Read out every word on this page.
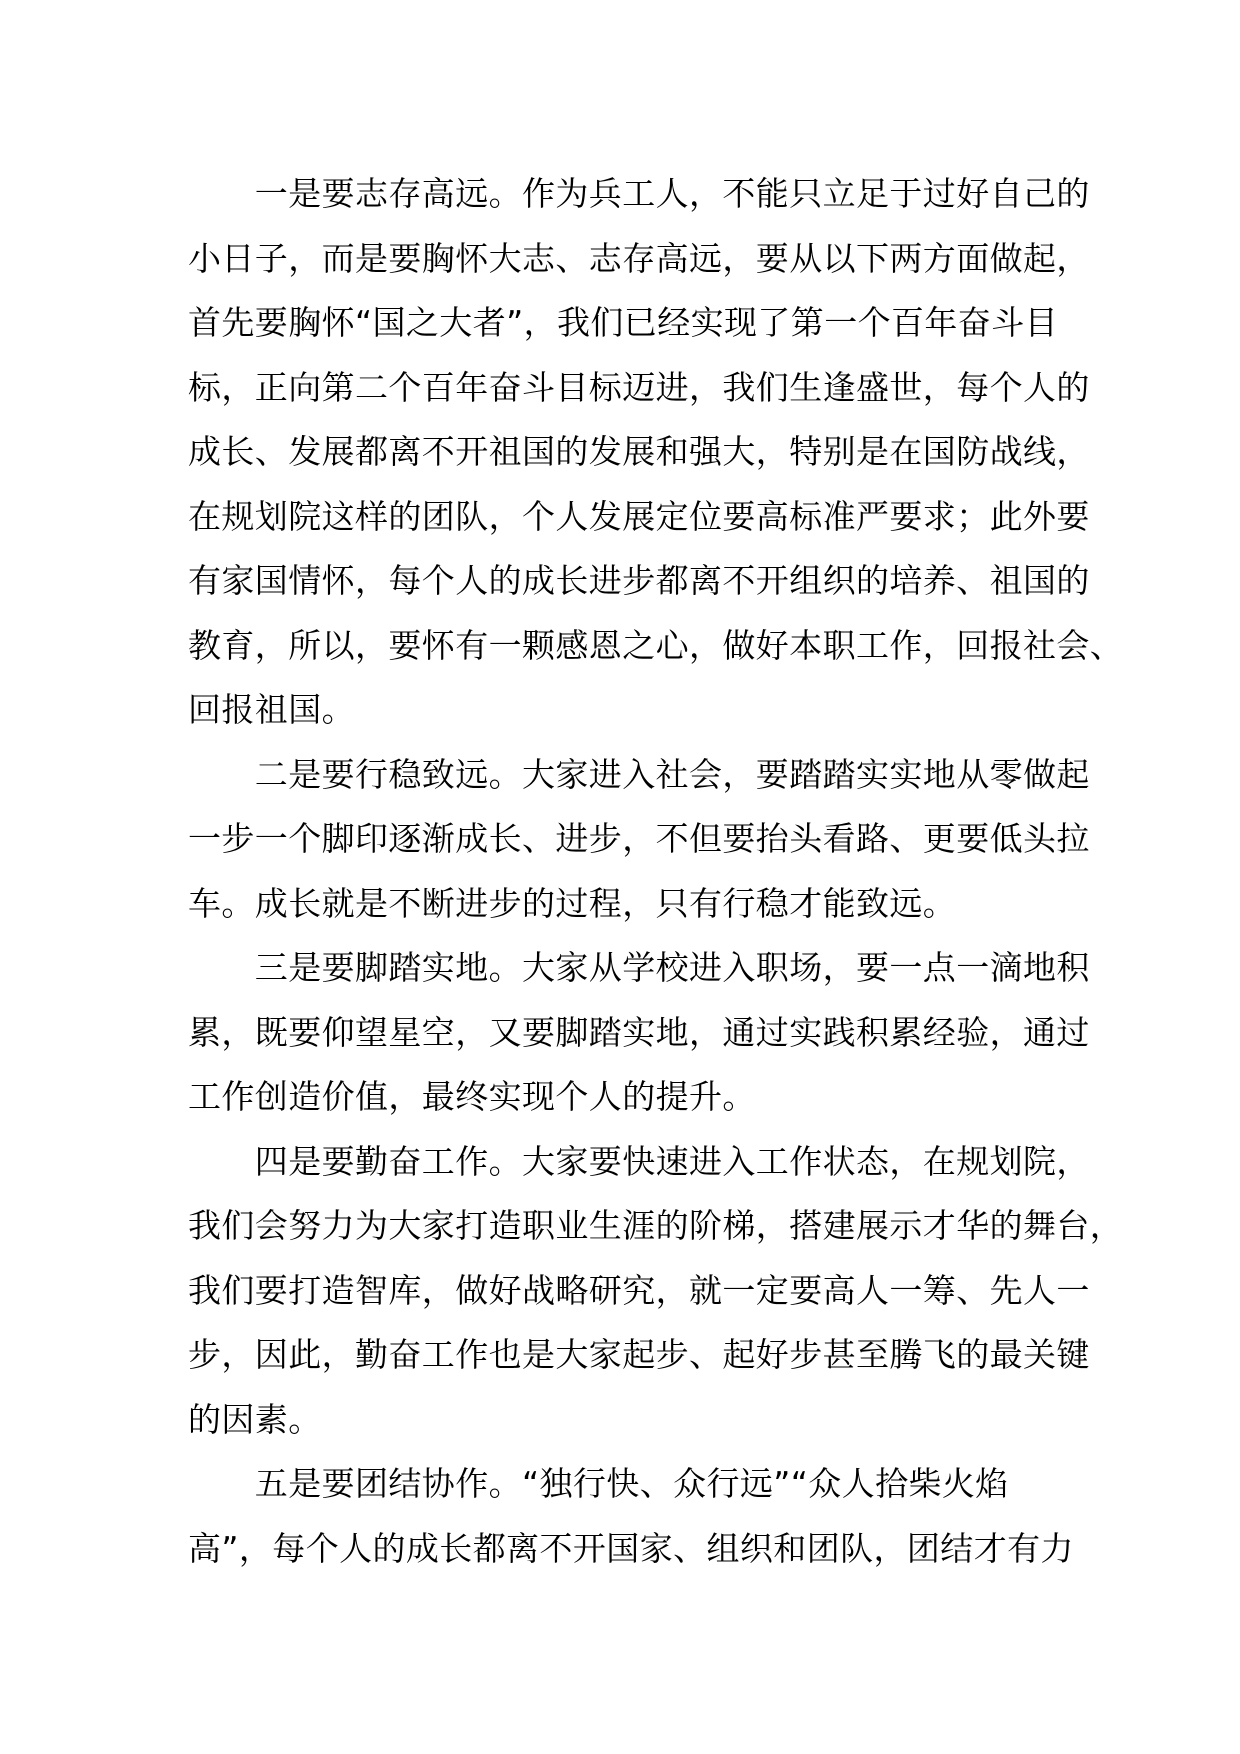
　　一是要志存高远。作为兵工人，不能只立足于过好自己的
小日子，而是要胸怀大志、志存高远，要从以下两方面做起，
首先要胸怀“国之大者”，我们已经实现了第一个百年奋斗目
标，正向第二个百年奋斗目标迈进，我们生逢盛世，每个人的
成长、发展都离不开祖国的发展和强大，特别是在国防战线，
在规划院这样的团队，个人发展定位要高标准严要求；此外要
有家国情怀，每个人的成长进步都离不开组织的培养、祖国的
教育，所以，要怀有一颗感恩之心，做好本职工作，回报社会、
回报祖国。
　　二是要行稳致远。大家进入社会，要踏踏实实地从零做起
一步一个脚印逐渐成长、进步，不但要抬头看路、更要低头拉
车。成长就是不断进步的过程，只有行稳才能致远。
　　三是要脚踏实地。大家从学校进入职场，要一点一滴地积
累，既要仰望星空，又要脚踏实地，通过实践积累经验，通过
工作创造价值，最终实现个人的提升。
　　四是要勤奋工作。大家要快速进入工作状态，在规划院，
我们会努力为大家打造职业生涯的阶梯，搭建展示才华的舞台，
我们要打造智库，做好战略研究，就一定要高人一筹、先人一
步，因此，勤奋工作也是大家起步、起好步甚至腾飞的最关键
的因素。
　　五是要团结协作。“独行快、众行远”“众人拾柴火焰
高”，每个人的成长都离不开国家、组织和团队，团结才有力
